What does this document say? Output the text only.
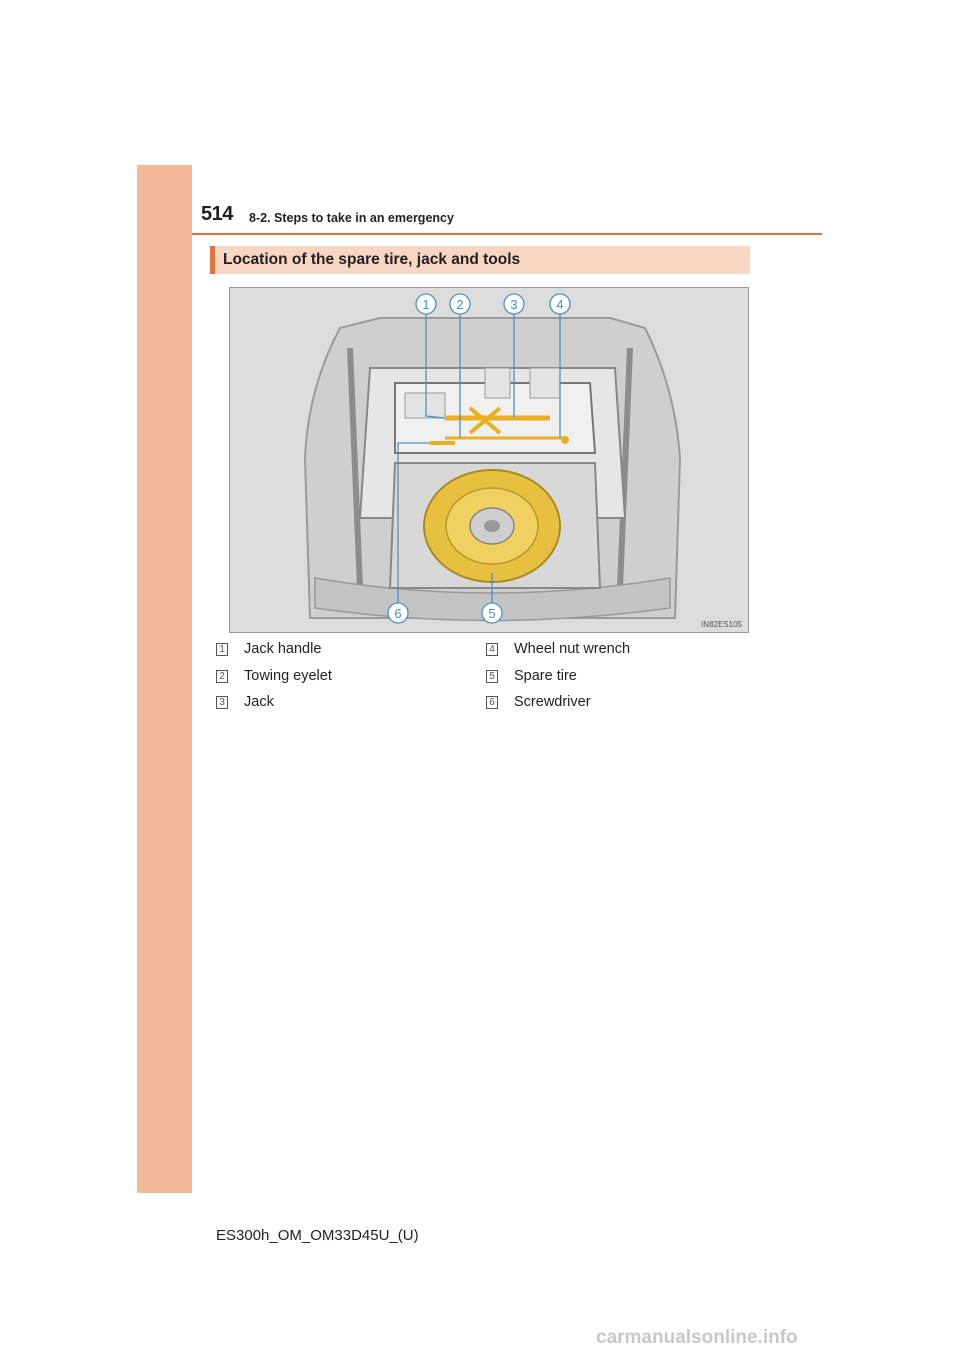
514 8-2. Steps to take in an emergency
Location of the spare tire, jack and tools
1 2	3	4
5
6
IN82ES105
1 Jack handle
2 Towing eyelet
3 Jack
4 Wheel nut wrench
5 Spare tire
6 Screwdriver
ES300h_OM_OM33D45U_(U)
carmanualsonline.info
